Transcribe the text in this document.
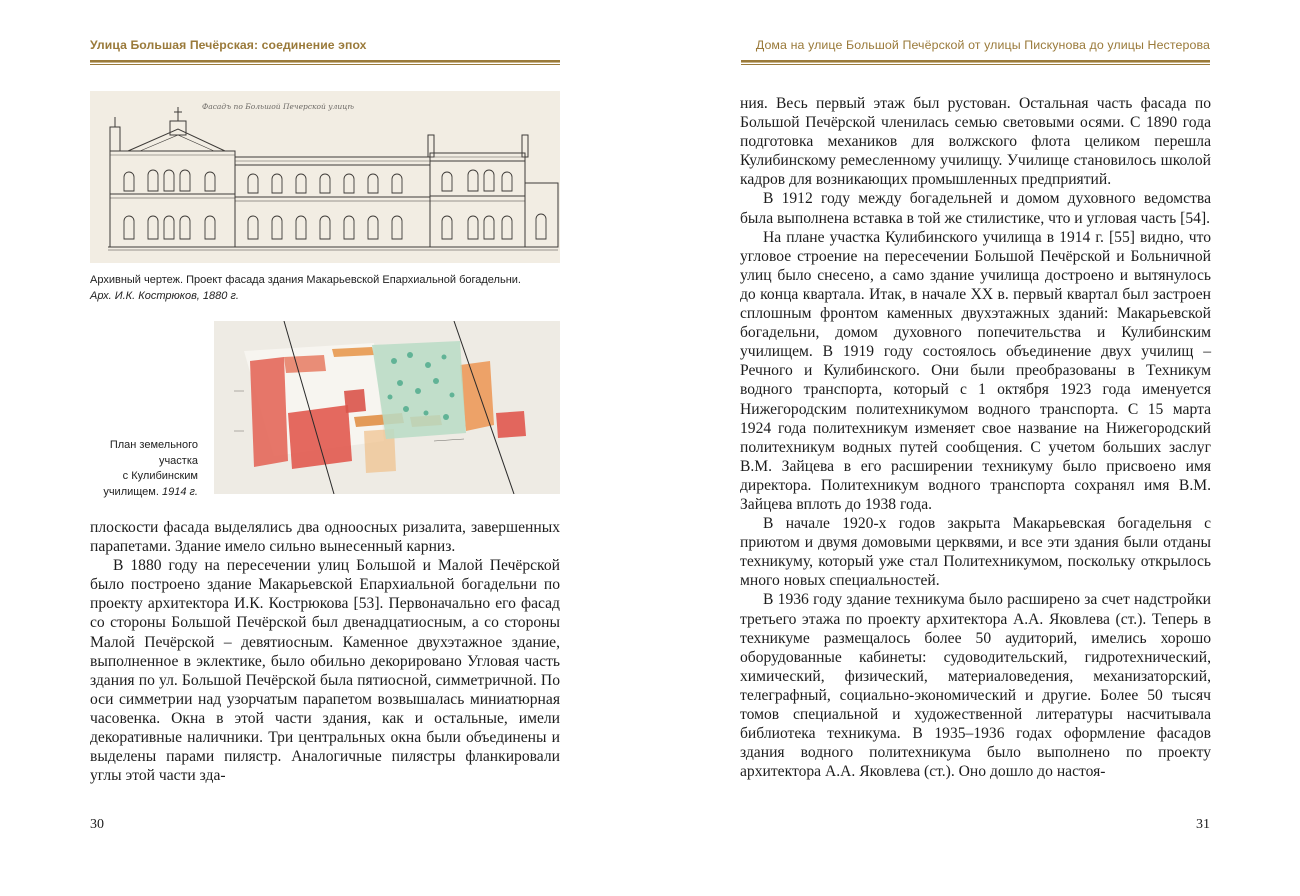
Улица Большая Печёрская: соединение эпох
Фасадъ по Большой Печерской улицѣ
Архивный чертеж. Проект фасада здания Макарьевской Епархиальной богадельни.
Арх. И.К. Кострюков, 1880 г.
План земельного
участка
с Кулибинским
училищем. 1914 г.

плоскости фасада выделялись два одноосных ризалита, завершенных парапетами. Здание имело сильно вынесенный карниз.

В 1880 году на пересечении улиц Большой и Малой Печёрской было построено здание Макарьевской Епархиальной богадельни по проекту архитектора И.К. Кострюкова [53]. Первоначально его фасад со стороны Большой Печёрской был двенадцатиосным, а со стороны Малой Печёрской – девятиосным. Каменное двухэтажное здание, выполненное в эклектике, было обильно декорировано Угловая часть здания по ул. Большой Печёрской была пятиосной, симметричной. По оси симметрии над узорчатым парапетом возвышалась миниатюрная часовенка. Окна в этой части здания, как и остальные, имели декоративные наличники. Три центральных окна были объединены и выделены парами пилястр. Аналогичные пилястры фланкировали углы этой части зда-

30
Дома на улице Большой Печёрской от улицы Пискунова до улицы Нестерова

ния. Весь первый этаж был рустован. Остальная часть фасада по Большой Печёрской членилась семью световыми осями. С 1890 года подготовка механиков для волжского флота целиком перешла Кулибинскому ремесленному училищу. Училище становилось школой кадров для возникающих промышленных предприятий.

В 1912 году между богадельней и домом духовного ведомства была выполнена вставка в той же стилистике, что и угловая часть [54].

На плане участка Кулибинского училища в 1914 г. [55] видно, что угловое строение на пересечении Большой Печёрской и Больничной улиц было снесено, а само здание училища достроено и вытянулось до конца квартала. Итак, в начале XX в. первый квартал был застроен сплошным фронтом каменных двухэтажных зданий: Макарьевской богадельни, домом духовного попечительства и Кулибинским училищем. В 1919 году состоялось объединение двух училищ – Речного и Кулибинского. Они были преобразованы в Техникум водного транспорта, который с 1 октября 1923 года именуется Нижегородским политехникумом водного транспорта. С 15 марта 1924 года политехникум изменяет свое название на Нижегородский политехникум водных путей сообщения. С учетом больших заслуг В.М. Зайцева в его расширении техникуму было присвоено имя директора. Политехникум водного транспорта сохранял имя В.М. Зайцева вплоть до 1938 года.

В начале 1920-х годов закрыта Макарьевская богадельня с приютом и двумя домовыми церквями, и все эти здания были отданы техникуму, который уже стал Политехникумом, поскольку открылось много новых специальностей.

В 1936 году здание техникума было расширено за счет надстройки третьего этажа по проекту архитектора А.А. Яковлева (ст.). Теперь в техникуме размещалось более 50 аудиторий, имелись хорошо оборудованные кабинеты: судоводительский, гидротехнический, химический, физический, материаловедения, механизаторский, телеграфный, социально-экономический и другие. Более 50 тысяч томов специальной и художественной литературы насчитывала библиотека техникума. В 1935–1936 годах оформление фасадов здания водного политехникума было выполнено по проекту архитектора А.А. Яковлева (ст.). Оно дошло до настоя-

31
